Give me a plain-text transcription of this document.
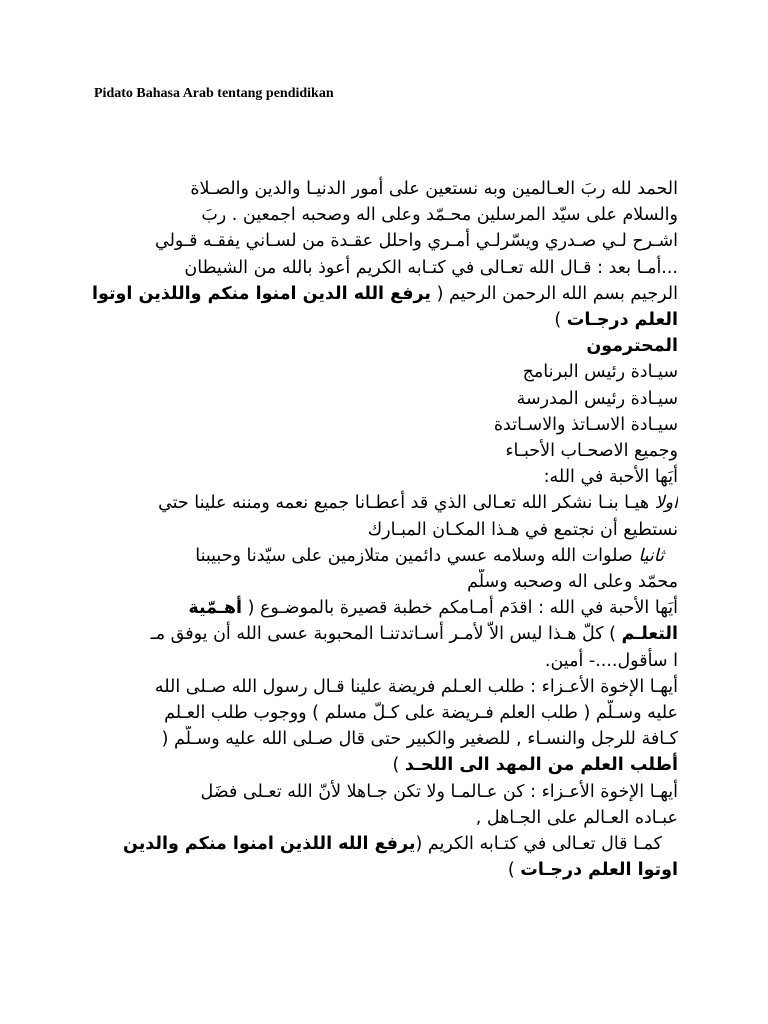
Pidato Bahasa Arab tentang pendidikan
الحمد لله ربَ العـالمين وبه نستعين على أمور الدنيـا والدين والصـلاة
والسلام على سيّد المرسلين محـمّد وعلى اله وصحبه اجمعين . ربَ
اشـرح لـي صـدري ويسّرلـي أمـري واحلل عقـدة من لسـاني يفقـه قـولي
...أمـا بعد : قـال الله تعـالى في كتـابه الكريم أعوذ بالله من الشيطان
الرجيم بسم الله الرحمن الرحيم ( يرفع الله الدين امنوا منكم واللذين اوتوا
العلم درجـات )
المحترمون
سيـادة رئيس البرنامج
سيـادة رئيس المدرسة
سيـادة الاسـاتذ والاسـاتدة
وجميع الاصحـاب الأحبـاء
أيَها الأحبة في الله:
اولا هيـا بنـا نشكر الله تعـالى الذي قد أعطـانا جميع نعمه ومننه علينا حتي
نستطيع أن نجتمع في هـذا المكـان المبـارك
ثانيا صلوات الله وسلامه عسي دائمين متلازمين على سيّدنا وحبيبنا
محمّد وعلى اله وصحبه وسلّم
أيَها الأحبة في الله : اقدَم أمـامكم خطبة قصيرة بالموضـوع ( أهـمّية
التعلـم ) كلّ هـذا ليس الاّ لأمـر أسـاتدتنـا المحبوبة عسى الله أن يوفق مـ
ا سأقول....- أمين.
أيهـا الإخوة الأعـزاء : طلب العـلم فريضة علينا قـال رسول الله صـلى الله
عليه وسـلّم ( طلب العلم فـريضة على كـلّ مسلم ) ووجوب طلب العـلم
كـافة للرجل والنسـاء , للصغير والكبير حتى قال صـلى الله عليه وسـلّم (
أطلب العلم من المهد الى اللحـد )
أيهـا الإخوة الأعـزاء : كن عـالمـا ولا تكن جـاهلا لأنّ الله تعـلى فضَل
عبـاده العـالم على الجـاهل ,
كمـا قال تعـالى في كتـابه الكريم (يرفع الله اللذين امنوا منكم والدين
اوتوا العلم درجـات )
